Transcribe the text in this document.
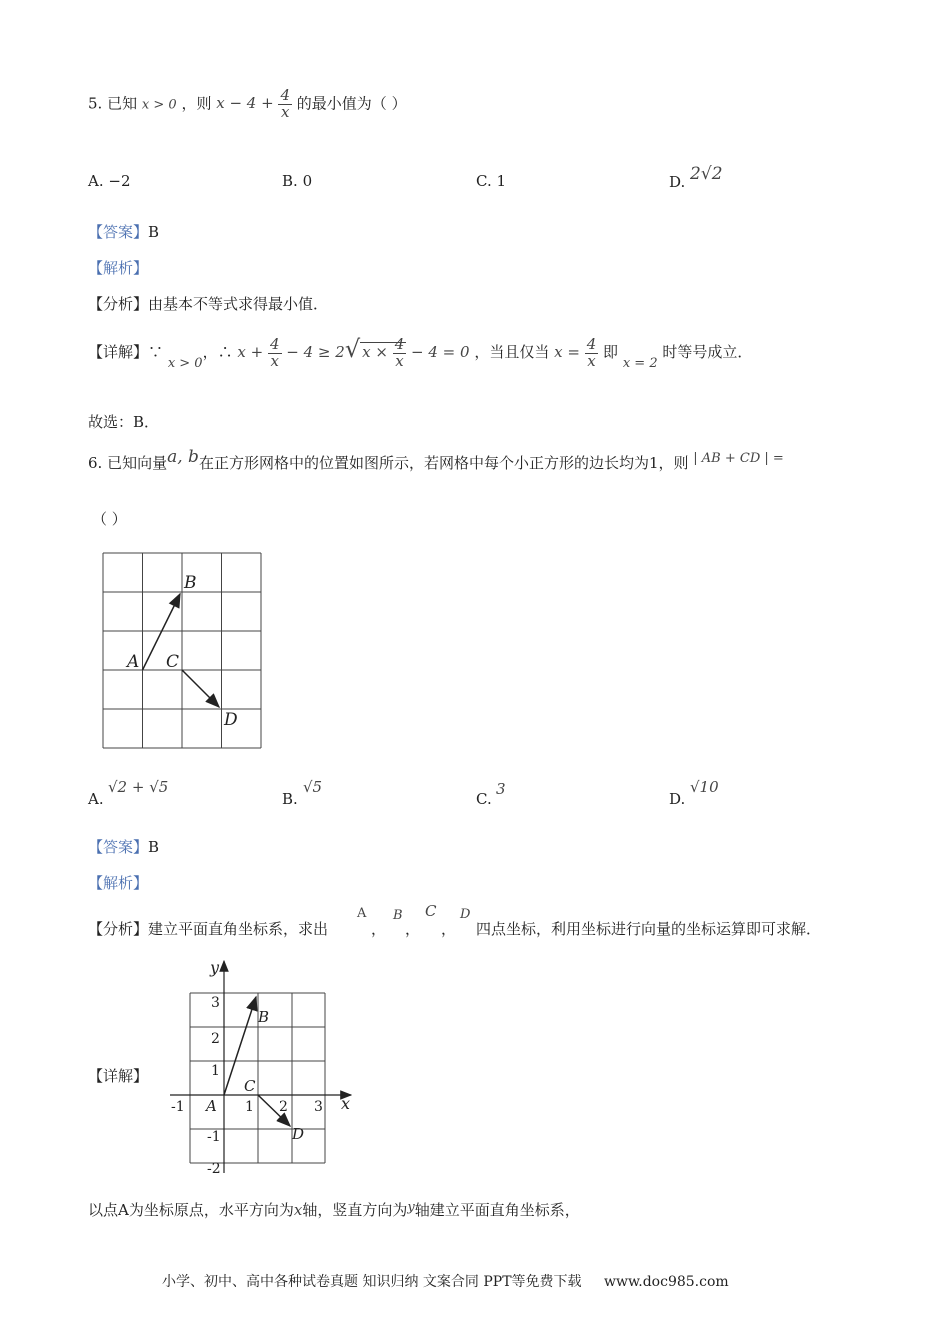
5. 已知 x > 0 ，则 $x - 4 + \frac{4}{x}$ 的最小值为（ ）
A. −2	B. 0	C. 1	D. 2√2
【答案】B
【解析】
【分析】由基本不等式求得最小值．
【详解】∵ x > 0，∴ $x + \frac{4}{x} - 4 \ge 2√$ $x \times \frac{4}{x} - 4 = 0$ ，当且仅当 $x = \frac{4}{x}$ 即 x = 2 时等号成立．
故选：B．
6. 已知向量a, b在正方形网格中的位置如图所示，若网格中每个小正方形的边长均为1，则 | AB + CD | =
（ ）
A
B
C
D
A.
√2 + √5
B.
√5
C.
3
D.
√10
【答案】B
【解析】
【分析】建立平面直角坐标系，求出
A
，
B
，
C
，
D
四点坐标，利用坐标进行向量的坐标运算即可求解．
【详解】
y
x
3
2
1
-1
-2
-1	1 2 3
A
B
C
D
以点A为坐标原点，水平方向为x轴，竖直方向为y轴建立平面直角坐标系，
小学、初中、高中各种试卷真题 知识归纳 文案合同 PPT等免费下载 www.doc985.com
